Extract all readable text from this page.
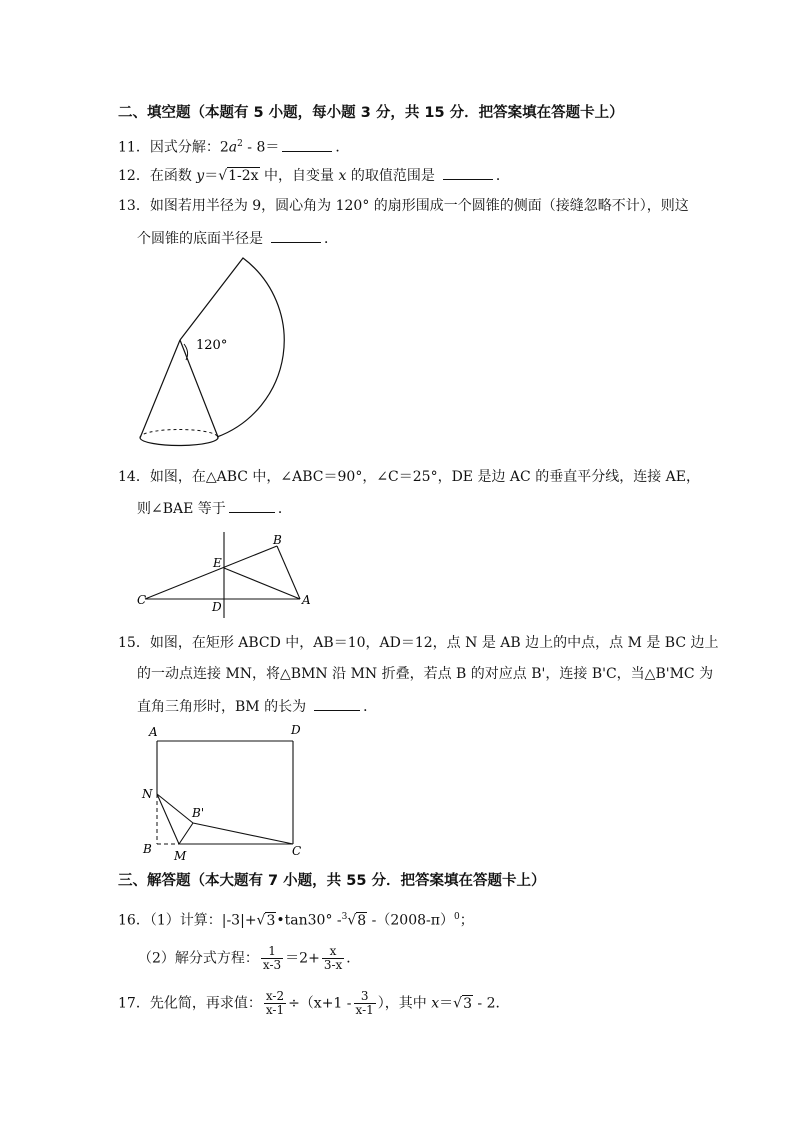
二、填空题（本题有 5 小题，每小题 3 分，共 15 分．把答案填在答题卡上）
11．因式分解：$2a^2 - 8=$	．
12．在函数 y＝√1-2x 中，自变量 x 的取值范围是	．
13．如图若用半径为 9，圆心角为 120° 的扇形围成一个圆锥的侧面（接缝忽略不计），则这
个圆锥的底面半径是	．
120°
14．如图，在△ABC 中，∠ABC＝90°，∠C＝25°，DE 是边 AC 的垂直平分线，连接 AE，
则∠BAE 等于	．
B
E
C	D	A
15．如图，在矩形 ABCD 中，AB＝10，AD＝12，点 N 是 AB 边上的中点，点 M 是 BC 边上
的一动点连接 MN，将△BMN 沿 MN 折叠，若点 B 的对应点 B'，连接 B'C，当△B'MC 为
直角三角形时，BM 的长为	．
A	D
N
B'
B M	C
三、解答题（本大题有 7 小题，共 55 分．把答案填在答题卡上）
16．（1）计算：|-3|+√3•tan30° -$^3$√8 $-(2008-\pi)^0$；
（2）解分式方程： $\frac{1}{x-3} =2+ \frac{x}{3-x}$ ．
17．先化简，再求值： $\frac{x-2}{x-1} \div(x+1 - \frac{3}{x-1}$ ），其中 x＝√3 - 2．
